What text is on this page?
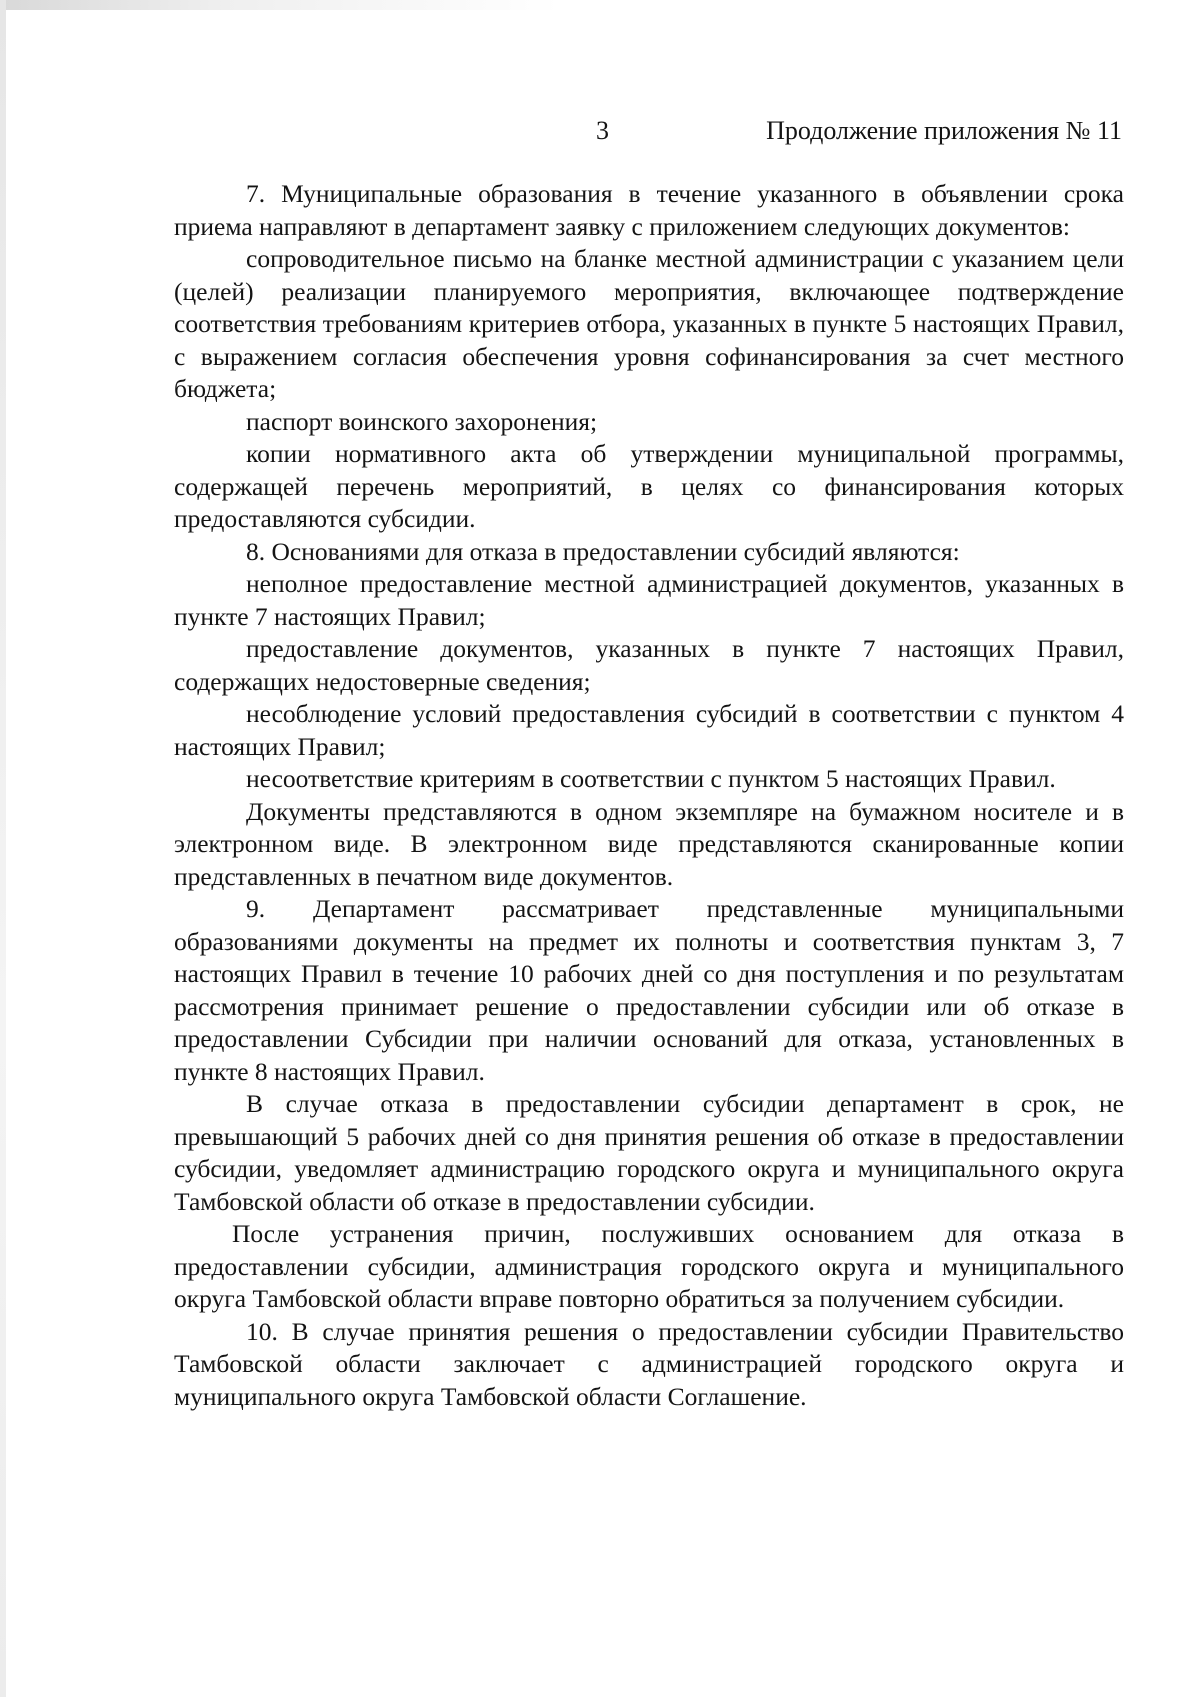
3	Продолжение приложения № 11

7. Муниципальные образования в течение указанного в объявлении срока приема направляют в департамент заявку с приложением следующих документов:

сопроводительное письмо на бланке местной администрации с указанием цели (целей) реализации планируемого мероприятия, включающее подтверждение соответствия требованиям критериев отбора, указанных в пункте 5 настоящих Правил, с выражением согласия обеспечения уровня софинансирования за счет местного бюджета;

паспорт воинского захоронения;

копии нормативного акта об утверждении муниципальной программы, содержащей перечень мероприятий, в целях со финансирования которых предоставляются субсидии.

8. Основаниями для отказа в предоставлении субсидий являются:

неполное предоставление местной администрацией документов, указанных в пункте 7 настоящих Правил;

предоставление документов, указанных в пункте 7 настоящих Правил, содержащих недостоверные сведения;

несоблюдение условий предоставления субсидий в соответствии с пунктом 4 настоящих Правил;

несоответствие критериям в соответствии с пунктом 5 настоящих Правил.

Документы представляются в одном экземпляре на бумажном носителе и в электронном виде. В электронном виде представляются сканированные копии представленных в печатном виде документов.

9. Департамент рассматривает представленные муниципальными образованиями документы на предмет их полноты и соответствия пунктам 3, 7 настоящих Правил в течение 10 рабочих дней со дня поступления и по результатам рассмотрения принимает решение о предоставлении субсидии или об отказе в предоставлении Субсидии при наличии оснований для отказа, установленных в пункте 8 настоящих Правил.

В случае отказа в предоставлении субсидии департамент в срок, не превышающий 5 рабочих дней со дня принятия решения об отказе в предоставлении субсидии, уведомляет администрацию городского округа и муниципального округа Тамбовской области об отказе в предоставлении субсидии.

После устранения причин, послуживших основанием для отказа в предоставлении субсидии, администрация городского округа и муниципального округа Тамбовской области вправе повторно обратиться за получением субсидии.

10. В случае принятия решения о предоставлении субсидии Правительство Тамбовской области заключает с администрацией городского округа и муниципального округа Тамбовской области Соглашение.
